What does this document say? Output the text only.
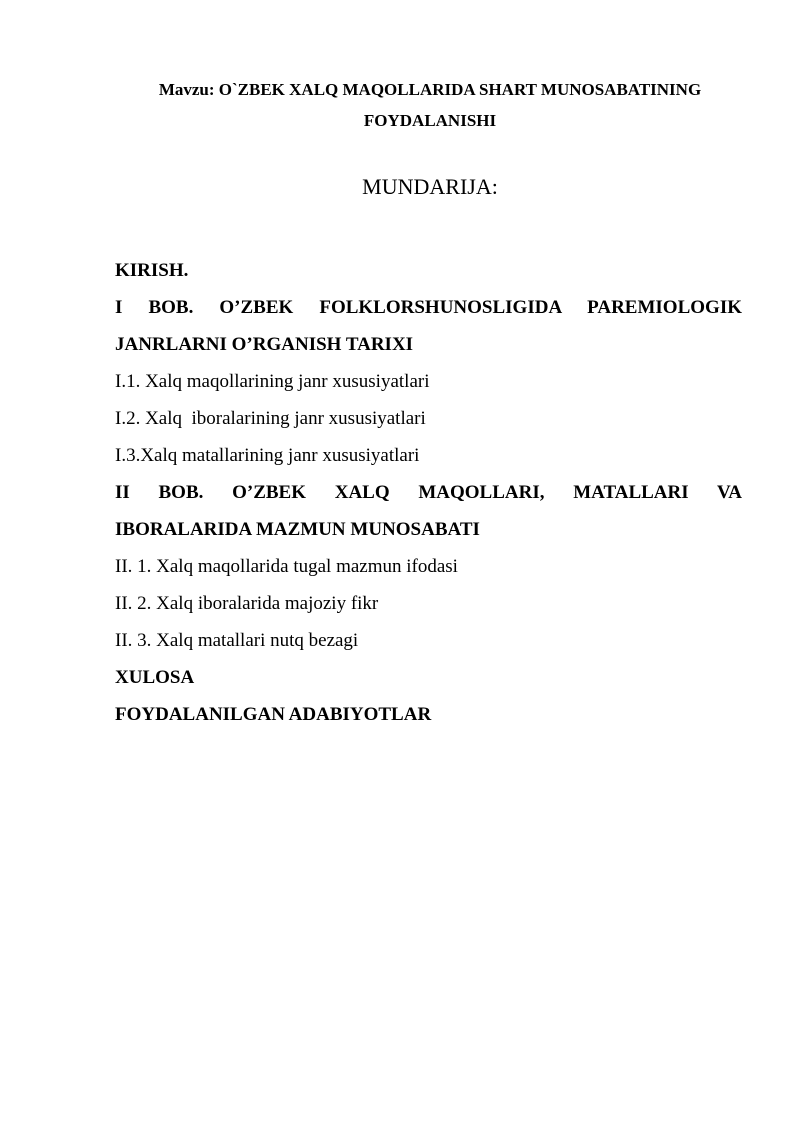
Mavzu: O`ZBEK XALQ MAQOLLARIDA SHART MUNOSABATINING
FOYDALANISHI
MUNDARIJA:
KIRISH.
I BOB. O’ZBEK FOLKLORSHUNOSLIGIDA PAREMIOLOGIK
JANRLARNI O’RGANISH TARIXI
I.1. Xalq maqollarining janr xususiyatlari
I.2. Xalq  iboralarining janr xususiyatlari
I.3.Xalq matallarining janr xususiyatlari
II BOB. O’ZBEK XALQ MAQOLLARI, MATALLARI VA
IBORALARIDA MAZMUN MUNOSABATI
II. 1. Xalq maqollarida tugal mazmun ifodasi
II. 2. Xalq iboralarida majoziy fikr
II. 3. Xalq matallari nutq bezagi
XULOSA
FOYDALANILGAN ADABIYOTLAR
